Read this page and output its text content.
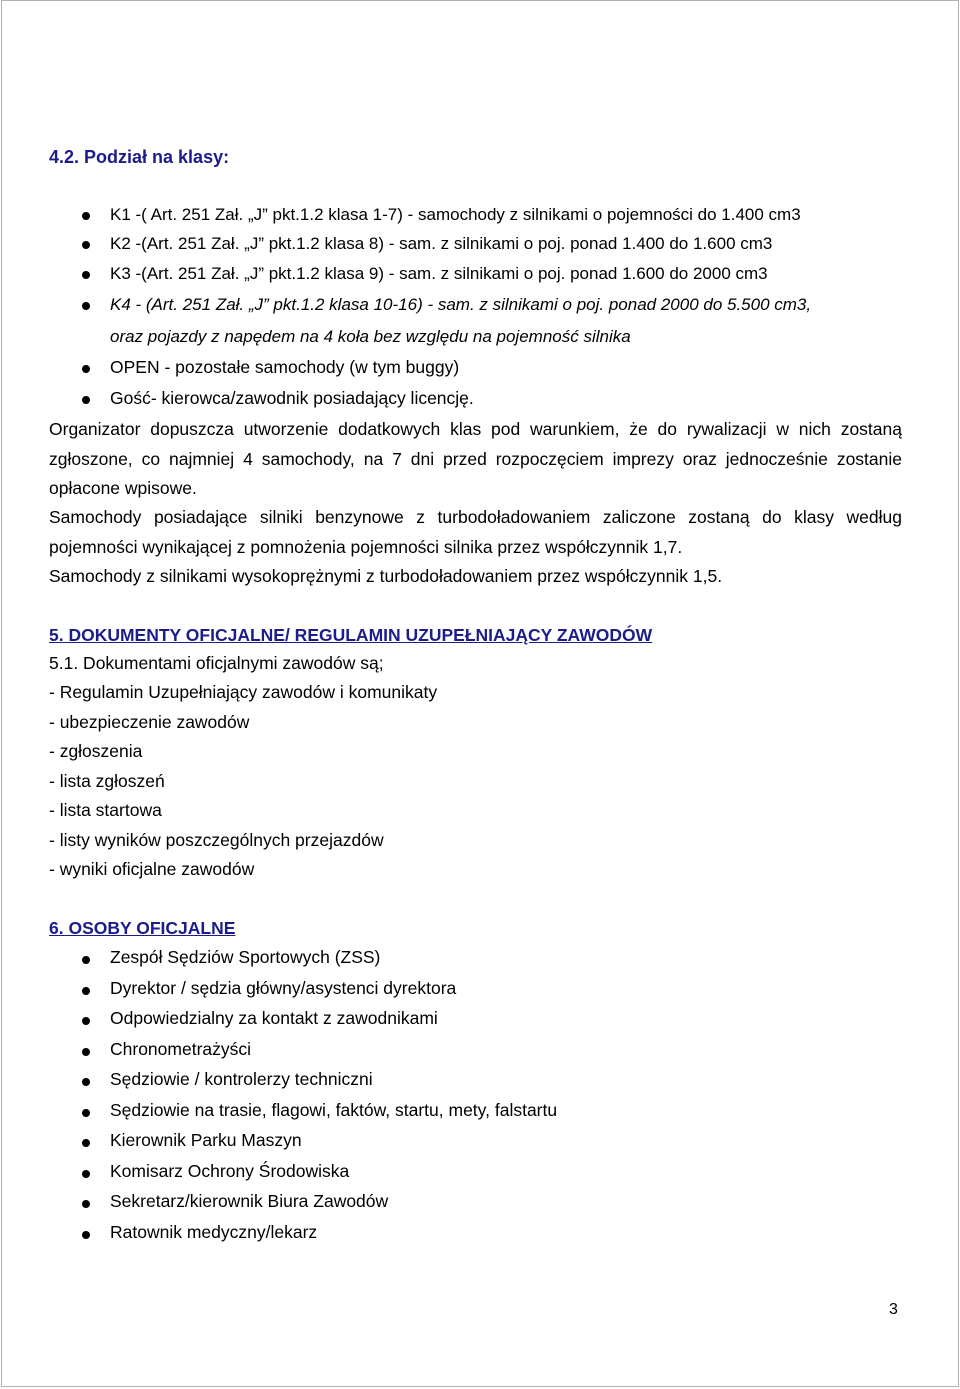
4.2. Podział na klasy:
K1 -( Art. 251 Zał. „J” pkt.1.2 klasa 1-7) - samochody z silnikami o pojemności do 1.400 cm3
K2 -(Art. 251 Zał. „J” pkt.1.2 klasa 8) - sam. z silnikami o poj. ponad 1.400 do 1.600 cm3
K3 -(Art. 251 Zał. „J” pkt.1.2 klasa 9) - sam. z silnikami o poj. ponad 1.600 do 2000 cm3
K4 - (Art. 251 Zał. „J” pkt.1.2 klasa 10-16) - sam. z silnikami o poj. ponad 2000 do 5.500 cm3,
oraz pojazdy z napędem na 4 koła bez względu na pojemność silnika
OPEN - pozostałe samochody (w tym buggy)
Gość- kierowca/zawodnik posiadający licencję.
Organizator dopuszcza utworzenie dodatkowych klas pod warunkiem, że do rywalizacji w nich zostaną zgłoszone, co najmniej 4 samochody, na 7 dni przed rozpoczęciem imprezy oraz jednocześnie zostanie opłacone wpisowe.
Samochody posiadające silniki benzynowe z turbodoładowaniem zaliczone zostaną do klasy według pojemności wynikającej z pomnożenia pojemności silnika przez współczynnik 1,7.
Samochody z silnikami wysokoprężnymi z turbodoładowaniem przez współczynnik 1,5.
5. DOKUMENTY OFICJALNE/ REGULAMIN UZUPEŁNIAJĄCY ZAWODÓW
5.1. Dokumentami oficjalnymi zawodów są;
- Regulamin Uzupełniający zawodów i komunikaty
- ubezpieczenie zawodów
- zgłoszenia
- lista zgłoszeń
- lista startowa
- listy wyników poszczególnych przejazdów
- wyniki oficjalne zawodów
6. OSOBY OFICJALNE
Zespół Sędziów Sportowych (ZSS)
Dyrektor / sędzia główny/asystenci dyrektora
Odpowiedzialny za kontakt z zawodnikami
Chronometrażyści
Sędziowie / kontrolerzy techniczni
Sędziowie na trasie, flagowi, faktów, startu, mety, falstartu
Kierownik Parku Maszyn
Komisarz Ochrony Środowiska
Sekretarz/kierownik Biura Zawodów
Ratownik medyczny/lekarz
3
